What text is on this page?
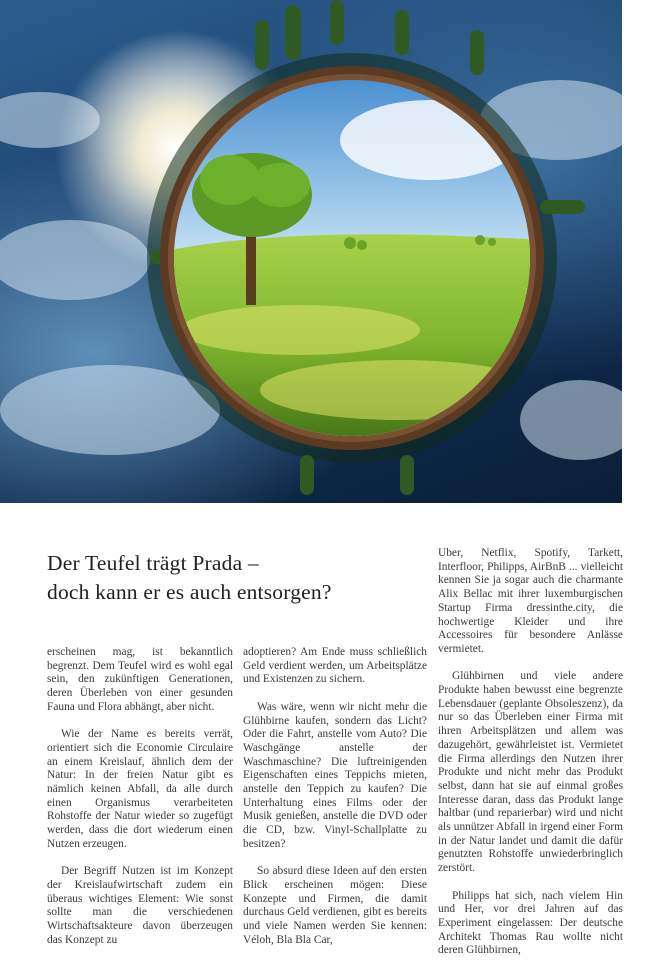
Der Teufel trägt Prada –
doch kann er es auch entsorgen?

erscheinen mag, ist bekanntlich begrenzt. Dem Teufel wird es wohl egal sein, den zukünftigen Generationen, deren Überleben von einer gesunden Fauna und Flora abhängt, aber nicht.

Wie der Name es bereits verrät, orientiert sich die Economie Circulaire an einem Kreislauf, ähnlich dem der Natur: In der freien Natur gibt es nämlich keinen Abfall, da alle durch einen Organismus verarbeiteten Rohstoffe der Natur wieder so zugefügt werden, dass die dort wiederum einen Nutzen erzeugen.

Der Begriff Nutzen ist im Konzept der Kreislaufwirtschaft zudem ein überaus wichtiges Element: Wie sonst sollte man die verschiedenen Wirtschaftsakteure davon überzeugen das Konzept zu

adoptieren? Am Ende muss schließlich Geld verdient werden, um Arbeitsplätze und Existenzen zu sichern.

Was wäre, wenn wir nicht mehr die Glühbirne kaufen, sondern das Licht? Oder die Fahrt, anstelle vom Auto? Die Waschgänge anstelle der Waschmaschine? Die luftreinigenden Eigenschaften eines Teppichs mieten, anstelle den Teppich zu kaufen? Die Unterhaltung eines Films oder der Musik genießen, anstelle die DVD oder die CD, bzw. Vinyl-Schallplatte zu besitzen?

So absurd diese Ideen auf den ersten Blick erscheinen mögen: Diese Konzepte und Firmen, die damit durchaus Geld verdienen, gibt es bereits und viele Namen werden Sie kennen: Véloh, Bla Bla Car,

Uber, Netflix, Spotify, Tarkett, Interfloor, Philipps, AirBnB ... vielleicht kennen Sie ja sogar auch die charmante Alix Bellac mit ihrer luxemburgischen Startup Firma dressinthe.city, die hochwertige Kleider und ihre Accessoires für besondere Anlässe vermietet.

Glühbirnen und viele andere Produkte haben bewusst eine begrenzte Lebensdauer (geplante Obsoleszenz), da nur so das Überleben einer Firma mit ihren Arbeitsplätzen und allem was dazugehört, gewährleistet ist. Vermietet die Firma allerdings den Nutzen ihrer Produkte und nicht mehr das Produkt selbst, dann hat sie auf einmal großes Interesse daran, dass das Produkt lange haltbar (und reparierbar) wird und nicht als unnützer Abfall in irgend einer Form in der Natur landet und damit die dafür genutzten Rohstoffe unwiederbringlich zerstört.

Philipps hat sich, nach vielem Hin und Her, vor drei Jahren auf das Experiment eingelassen: Der deutsche Architekt Thomas Rau wollte nicht deren Glühbirnen,
